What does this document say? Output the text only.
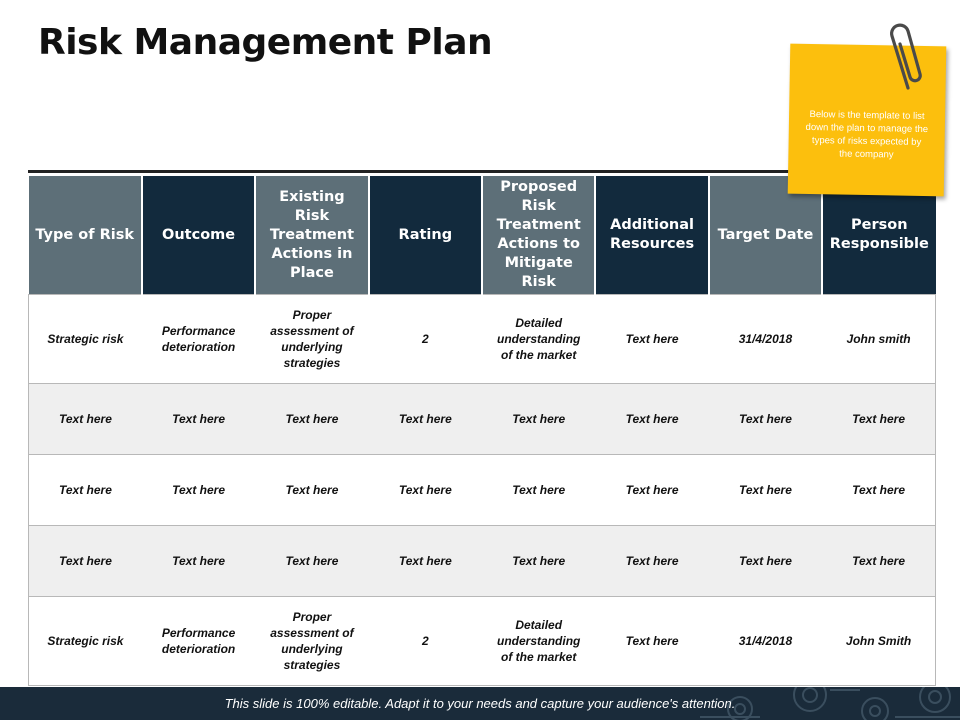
Risk Management Plan
Type of Risk	Outcome	Existing Risk Treatment Actions in Place	Rating	Proposed Risk Treatment Actions to Mitigate Risk	Additional Resources	Target Date	Person Responsible
Strategic risk	Performance deterioration	Proper assessment of underlying strategies	2	Detailed understanding of the market	Text here	31/4/2018	John smith
Text here	Text here	Text here	Text here	Text here	Text here	Text here	Text here
Text here	Text here	Text here	Text here	Text here	Text here	Text here	Text here
Text here	Text here	Text here	Text here	Text here	Text here	Text here	Text here
Strategic risk	Performance deterioration	Proper assessment of underlying strategies	2	Detailed understanding of the market	Text here	31/4/2018	John Smith
Below is the template to list down the plan to manage the types of risks expected by the company
This slide is 100% editable. Adapt it to your needs and capture your audience's attention.
